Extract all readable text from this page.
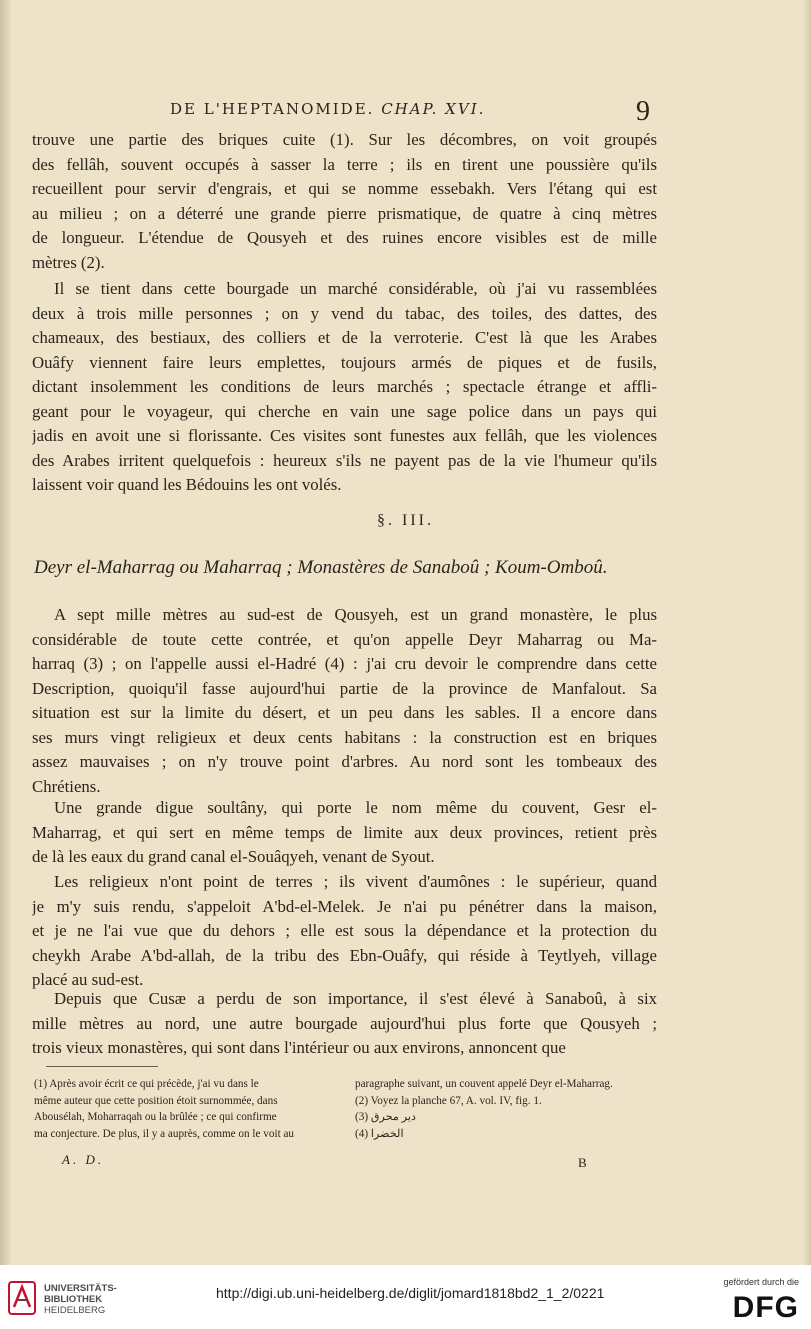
DE L'HEPTANOMIDE. CHAP. XVI.	9
trouve une partie des briques cuite (1). Sur les décombres, on voit groupés
des fellâh, souvent occupés à sasser la terre ; ils en tirent une poussière qu'ils
recueillent pour servir d'engrais, et qui se nomme essebakh. Vers l'étang qui est
au milieu ; on a déterré une grande pierre prismatique, de quatre à cinq mètres
de longueur. L'étendue de Qousyeh et des ruines encore visibles est de mille
mètres (2).
Il se tient dans cette bourgade un marché considérable, où j'ai vu rassemblées
deux à trois mille personnes ; on y vend du tabac, des toiles, des dattes, des
chameaux, des bestiaux, des colliers et de la verroterie. C'est là que les Arabes
Ouâfy viennent faire leurs emplettes, toujours armés de piques et de fusils,
dictant insolemment les conditions de leurs marchés ; spectacle étrange et affli-
geant pour le voyageur, qui cherche en vain une sage police dans un pays qui
jadis en avoit une si florissante. Ces visites sont funestes aux fellâh, que les violences
des Arabes irritent quelquefois : heureux s'ils ne payent pas de la vie l'humeur qu'ils
laissent voir quand les Bédouins les ont volés.
§. III.
Deyr el-Maharrag ou Maharraq ; Monastères de Sanaboû ; Koum-Omboû.
A sept mille mètres au sud-est de Qousyeh, est un grand monastère, le plus
considérable de toute cette contrée, et qu'on appelle Deyr Maharrag ou Ma-
harraq (3) ; on l'appelle aussi el-Hadré (4) : j'ai cru devoir le comprendre dans cette
Description, quoiqu'il fasse aujourd'hui partie de la province de Manfalout. Sa
situation est sur la limite du désert, et un peu dans les sables. Il a encore dans
ses murs vingt religieux et deux cents habitans : la construction est en briques
assez mauvaises ; on n'y trouve point d'arbres. Au nord sont les tombeaux des
Chrétiens.
Une grande digue soultâny, qui porte le nom même du couvent, Gesr el-
Maharrag, et qui sert en même temps de limite aux deux provinces, retient près
de là les eaux du grand canal el-Souâqyeh, venant de Syout.
Les religieux n'ont point de terres ; ils vivent d'aumônes : le supérieur, quand
je m'y suis rendu, s'appeloit A'bd-el-Melek. Je n'ai pu pénétrer dans la maison,
et je ne l'ai vue que du dehors ; elle est sous la dépendance et la protection du
cheykh Arabe A'bd-allah, de la tribu des Ebn-Ouâfy, qui réside à Teytlyeh, village
placé au sud-est.
Depuis que Cusæ a perdu de son importance, il s'est élevé à Sanaboû, à six
mille mètres au nord, une autre bourgade aujourd'hui plus forte que Qousyeh ;
trois vieux monastères, qui sont dans l'intérieur ou aux environs, annoncent que
(1) Après avoir écrit ce qui précède, j'ai vu dans le
même auteur que cette position étoit surnommée, dans
Abousélah, Moharraqah ou la brûlée ; ce qui confirme
ma conjecture. De plus, il y a auprès, comme on le voit au
paragraphe suivant, un couvent appelé Deyr el-Maharrag.
(2) Voyez la planche 67, A. vol. IV, fig. 1.
(3) دير محرق
(4) الخضرا
A. D.	B
UNIVERSITÄTS-
BIBLIOTHEK
HEIDELBERG
http://digi.ub.uni-heidelberg.de/diglit/jomard1818bd2_1_2/0221
gefördert durch die
DFG
